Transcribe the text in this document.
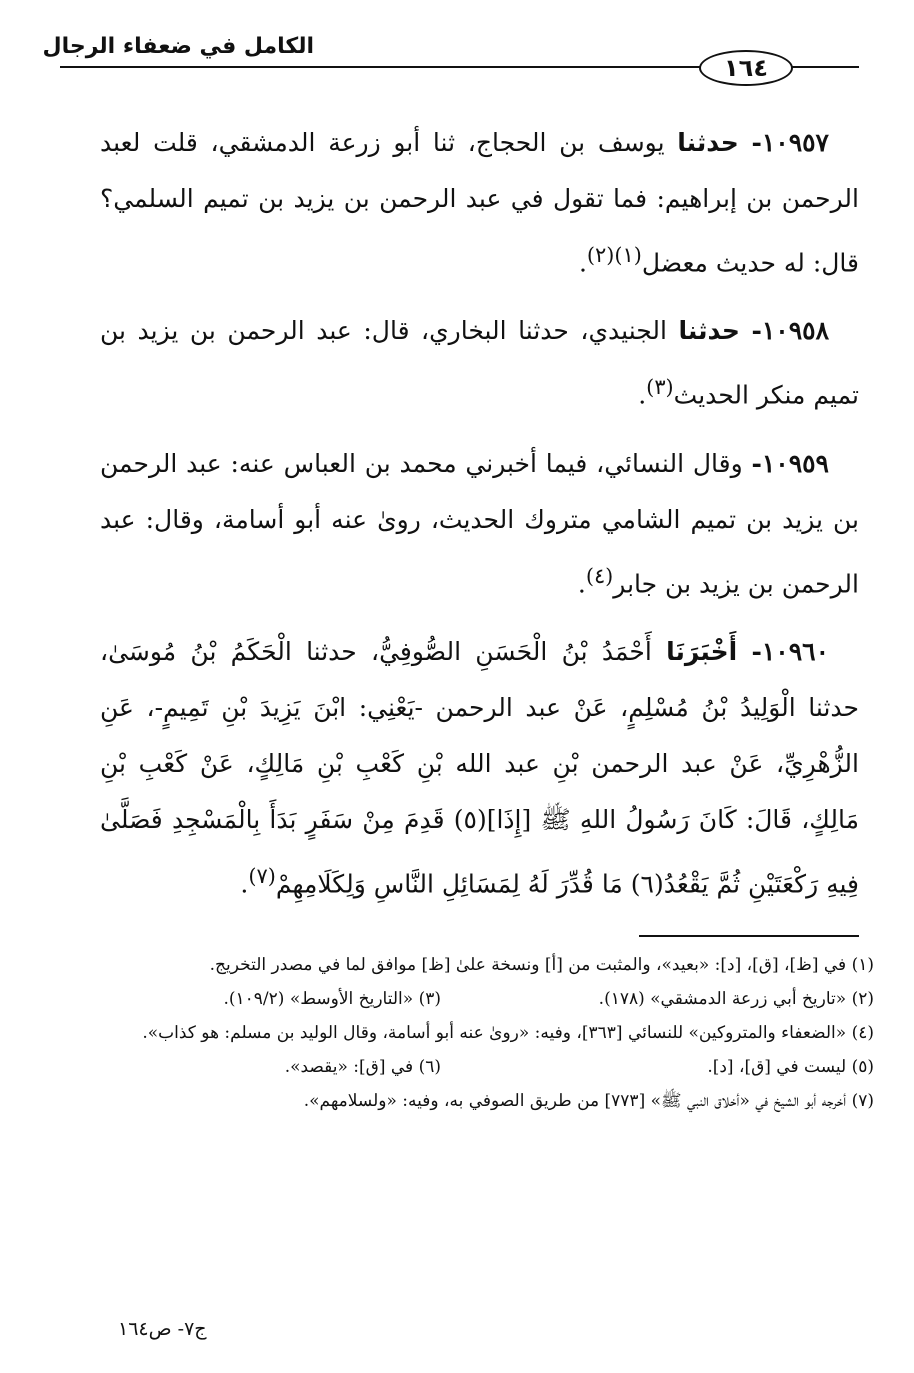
الكامل في ضعفاء الرجال
١٦٤

١٠٩٥٧- حدثنا يوسف بن الحجاج، ثنا أبو زرعة الدمشقي، قلت لعبد الرحمن بن إبراهيم: فما تقول في عبد الرحمن بن يزيد بن تميم السلمي؟ قال: له حديث معضل$^{(١)(٢)}$.

١٠٩٥٨- حدثنا الجنيدي، حدثنا البخاري، قال: عبد الرحمن بن يزيد بن تميم منكر الحديث$^{(٣)}$.

١٠٩٥٩- وقال النسائي، فيما أخبرني محمد بن العباس عنه: عبد الرحمن بن يزيد بن تميم الشامي متروك الحديث، روىٰ عنه أبو أسامة، وقال: عبد الرحمن بن يزيد بن جابر$^{(٤)}$.

١٠٩٦٠- أَخْبَرَنَا أَحْمَدُ بْنُ الْحَسَنِ الصُّوفِيُّ، حدثنا الْحَكَمُ بْنُ مُوسَىٰ، حدثنا الْوَلِيدُ بْنُ مُسْلِمٍ، عَنْ عبد الرحمن -يَعْنِي: ابْنَ يَزِيدَ بْنِ تَمِيمٍ-، عَنِ الزُّهْرِيِّ، عَنْ عبد الرحمن بْنِ عبد الله بْنِ كَعْبِ بْنِ مَالِكٍ، عَنْ كَعْبِ بْنِ مَالِكٍ، قَالَ: كَانَ رَسُولُ اللهِ ﷺ [إِذَا](٥) قَدِمَ مِنْ سَفَرٍ بَدَأَ بِالْمَسْجِدِ فَصَلَّىٰ فِيهِ رَكْعَتَيْنِ ثُمَّ يَقْعُدُ(٦) مَا قُدِّرَ لَهُ لِمَسَائِلِ النَّاسِ وَلِكَلَامِهِمْ$^{(٧)}$.

(١) في [ظ]، [ق]، [د]: «بعيد»، والمثبت من [أ] ونسخة علىٰ [ظ] موافق لما في مصدر التخريج.

(٢) «تاريخ أبي زرعة الدمشقي» (١٧٨).

(٣) «التاريخ الأوسط» (١٠٩/٢).

(٤) «الضعفاء والمتروكين» للنسائي [٣٦٣]، وفيه: «روىٰ عنه أبو أسامة، وقال الوليد بن مسلم: هو كذاب».

(٥) ليست في [ق]، [د].

(٦) في [ق]: «يقصد».

(٧) أخرجه أبو الشيخ في «أخلاق النبي ﷺ» [٧٧٣] من طريق الصوفي به، وفيه: «ولسلامهم».

ج٧- ص١٦٤
